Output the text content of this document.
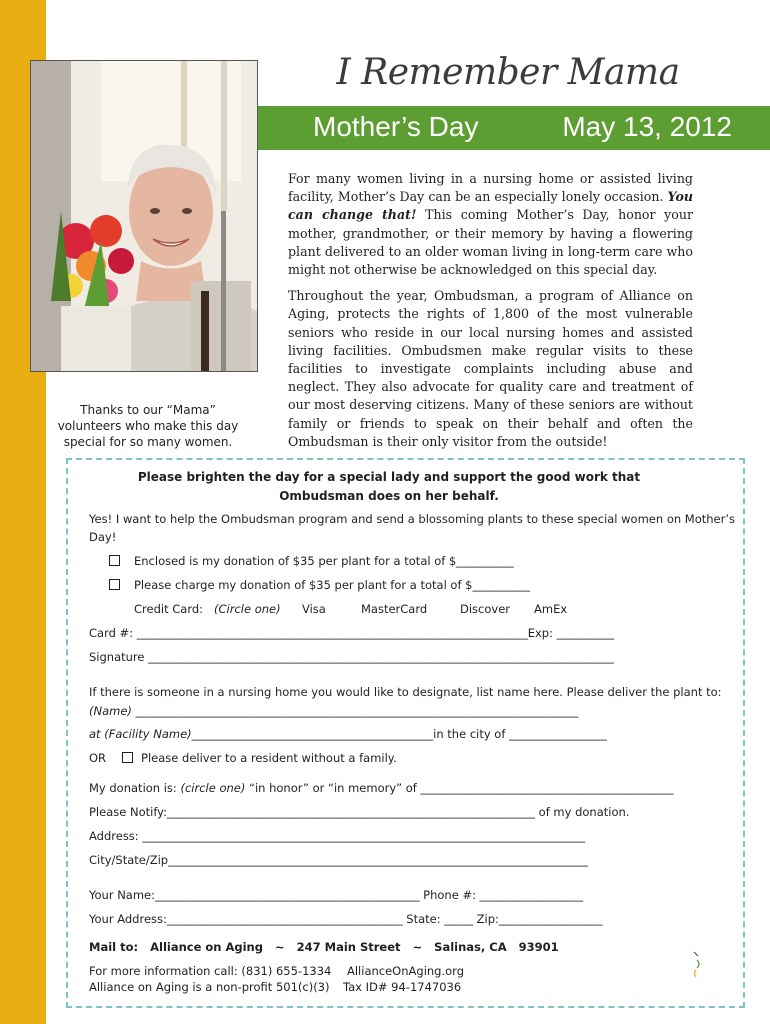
Thanks to our “Mama” volunteers who make this day special for so many women.
I Remember Mama
Mother’s Day	May 13, 2012

For many women living in a nursing home or assisted living facility, Mother’s Day can be an especially lonely occasion. You can change that! This coming Mother’s Day, honor your mother, grandmother, or their memory by having a flowering plant delivered to an older woman living in long-term care who might not otherwise be acknowledged on this special day.

Throughout the year, Ombudsman, a program of Alliance on Aging, protects the rights of 1,800 of the most vulnerable seniors who reside in our local nursing homes and assisted living facilities. Ombudsmen make regular visits to these facilities to investigate complaints including abuse and neglect. They also advocate for quality care and treatment of our most deserving citizens. Many of these seniors are without family or friends to speak on their behalf and often the Ombudsman is their only visitor from the outside!

Please brighten the day for a special lady and support the good work that
Ombudsman does on her behalf.
Yes! I want to help the Ombudsman program and send a blossoming plants to these special women on Mother’s
Day!
Enclosed is my donation of $35 per plant for a total of $__________
Please charge my donation of $35 per plant for a total of $__________
Credit Card: (Circle one) Visa	MasterCard	Discover AmEx
Card #: ____________________________________________________________________Exp: __________
Signature _________________________________________________________________________________
If there is someone in a nursing home you would like to designate, list name here. Please deliver the plant to:
(Name) _____________________________________________________________________________
at (Facility Name)__________________________________________in the city of _________________
OR	Please deliver to a resident without a family.
My donation is: (circle one) “in honor” or “in memory” of ____________________________________________
Please Notify:________________________________________________________________ of my donation.
Address: _____________________________________________________________________________
City/State/Zip_________________________________________________________________________
Your Name:______________________________________________ Phone #: __________________
Your Address:_________________________________________ State: _____ Zip:__________________
Mail to:   Alliance on Aging   ~   247 Main Street   ~   Salinas, CA   93901
For more information call: (831) 655-1334 AllianceOnAging.org
Alliance on Aging is a non-profit 501(c)(3) Tax ID# 94-1747036
